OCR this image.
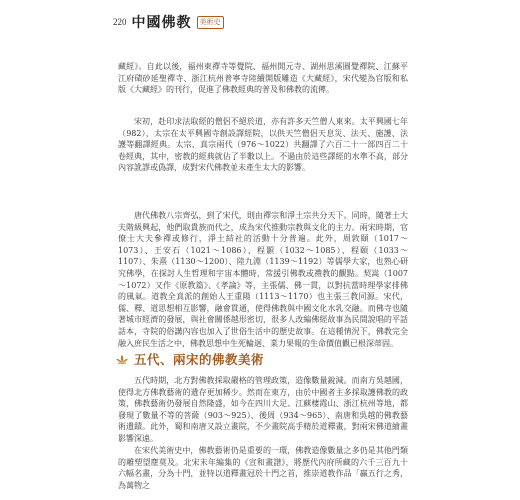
220 中國佛教	美術史
藏經》。自此以後，福州東禪寺等覺院、福州開元寺、湖州思溪圓覺禪院、江蘇平江府磧砂延聖禪寺、浙江杭州普寧寺陸續開版雕造《大藏經》，宋代變為官版和私版《大藏經》的刊行，促進了佛教經典的普及和佛教的流傳。
宋初，赴印求法取經的僧侶不絕於道，亦有許多天竺僧人東來。太平興國七年（982），太宗在太平興國寺創設譯經院，以供天竺僧侶天息災、法天、施護、法護等翻譯經典。太宗、真宗兩代（976～1022）共翻譯了六百二十一部四百二十卷經典，其中，密教的經典就佔了半數以上。不過由於這些譯經的水準不高，部分內容訛謬或偽譯，成對宋代佛教並未產生太大的影響。
唐代佛教八宗齊弘，到了宋代，則由禪宗和淨土宗共分天下。同時，隨著士大夫階級興起，他們取貴族而代之，成為宋代推動宗教與文化的主力。兩宋時期，官僚士大夫參禪或修行，淨土結社的活動十分普遍。此外，周敦頤（1017～1073）、王安石（1021～1086）、程顥（1032～1085）、程頤（1033～1107）、朱熹（1130～1200）、陸九淵（1139～1192）等儒學大家，也熟心研究佛學，在探討人生哲理和宇宙本體時，常援引佛教或禮教的觀點。契嵩（1007～1072）又作《原教篇》、《孝論》等，主張儒、佛一貫，以對抗當時理學家排佛的風氣。道教全真派的創始人王重陽（1113～1170）也主張三教同源。宋代，儒、釋、道思想相互影響，融會貫通，使得佛教與中國文化水乳交融。而佛寺也隨著城市經濟的發展，與社會關係越形密切，很多人改編佛經故事為民間說唱的平話話本，寺院的俗講內容也加入了世俗生活中的歷史故事。在這種情況下，佛教完全融入庶民生活之中，佛教思想中生死輪迴、業力果報的生命價值觀已根深蒂固。
五代、兩宋的佛教美術
五代時期，北方對佛教採取嚴格的管理政策，造像數量銳減。而南方吳越國，使得北方佛教藝術的遺存更加稀少。然而在東方，由於中國者主多採取護佛教的政策，佛教藝術仍發展自然隆盛，如今在四川大足、江蘇棲霞山、浙江杭州等地，都發現了數量不等的菩薩（903～925）、後周（934～965）、南唐和吳越的佛教藝術遺蹟。此外，蜀和南唐又設立畫院，不少畫院高手精於道釋畫，對兩宋佛道繪畫影響深遠。
在宋代美術史中，佛教藝術仍是重要的一環，佛教造像數量之多仍是其他門類的雕塑望塵莫及。北宋末年編集的《宣和畫譜》，將歷代內府所藏的六千三百九十六幅名畫，分為十門，並特以道釋畫冠於十門之首，推崇道教作品「贏五行之秀，為萬物之
